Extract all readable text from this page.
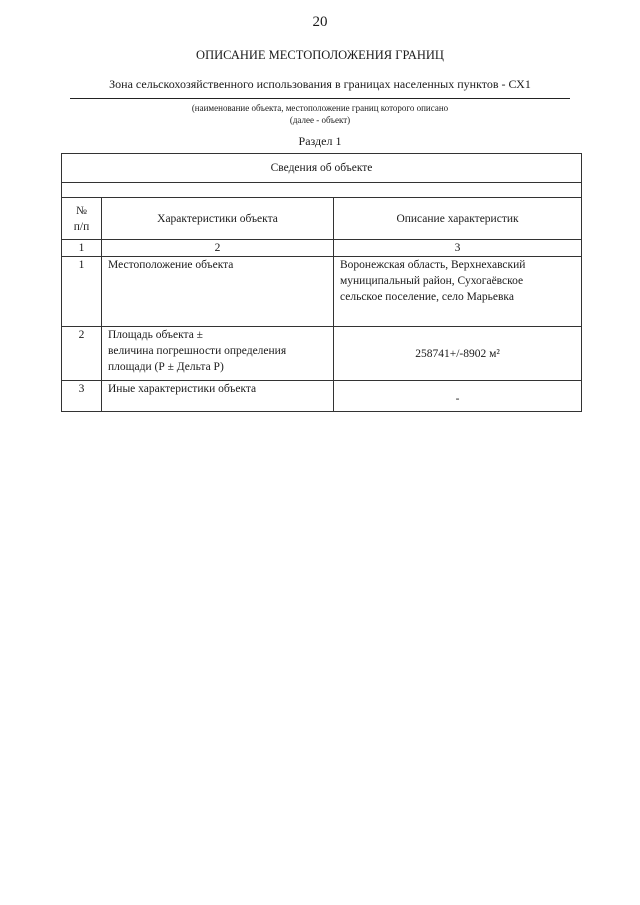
20
ОПИСАНИЕ МЕСТОПОЛОЖЕНИЯ ГРАНИЦ
Зона сельскохозяйственного использования в границах населенных пунктов - СХ1
(наименование объекта, местоположение границ которого описано
(далее - объект)
Раздел 1
Сведения об объекте		

№
п/п	Характеристики объекта	Описание характеристик
1	2	3
1	Местоположение объекта	Воронежская область, Верхнехавский
муниципальный район, Сухогаёвское
сельское поселение, село Марьевка

2	Площадь объекта ±
величина погрешности определения
площади (Р ± Дельта Р)	258741+/-8902 м²
3	Иные характеристики объекта	-
